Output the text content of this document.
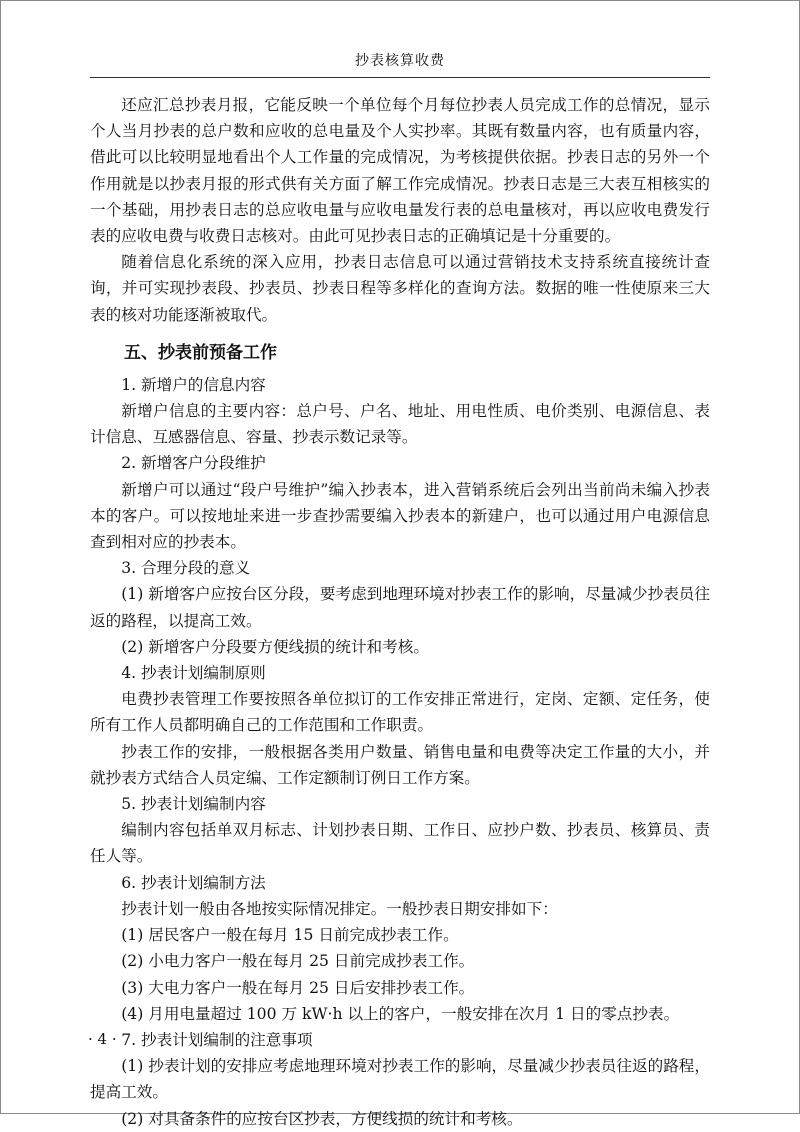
抄表核算收费

还应汇总抄表月报，它能反映一个单位每个月每位抄表人员完成工作的总情况，显示个人当月抄表的总户数和应收的总电量及个人实抄率。其既有数量内容，也有质量内容，借此可以比较明显地看出个人工作量的完成情况，为考核提供依据。抄表日志的另外一个作用就是以抄表月报的形式供有关方面了解工作完成情况。抄表日志是三大表互相核实的一个基础，用抄表日志的总应收电量与应收电量发行表的总电量核对，再以应收电费发行表的应收电费与收费日志核对。由此可见抄表日志的正确填记是十分重要的。

随着信息化系统的深入应用，抄表日志信息可以通过营销技术支持系统直接统计查询，并可实现抄表段、抄表员、抄表日程等多样化的查询方法。数据的唯一性使原来三大表的核对功能逐渐被取代。

五、抄表前预备工作

1. 新增户的信息内容

新增户信息的主要内容：总户号、户名、地址、用电性质、电价类别、电源信息、表计信息、互感器信息、容量、抄表示数记录等。

2. 新增客户分段维护

新增户可以通过“段户号维护”编入抄表本，进入营销系统后会列出当前尚未编入抄表本的客户。可以按地址来进一步查抄需要编入抄表本的新建户，也可以通过用户电源信息查到相对应的抄表本。

3. 合理分段的意义

(1) 新增客户应按台区分段，要考虑到地理环境对抄表工作的影响，尽量减少抄表员往返的路程，以提高工效。

(2) 新增客户分段要方便线损的统计和考核。

4. 抄表计划编制原则

电费抄表管理工作要按照各单位拟订的工作安排正常进行，定岗、定额、定任务，使所有工作人员都明确自己的工作范围和工作职责。

抄表工作的安排，一般根据各类用户数量、销售电量和电费等决定工作量的大小，并就抄表方式结合人员定编、工作定额制订例日工作方案。

5. 抄表计划编制内容

编制内容包括单双月标志、计划抄表日期、工作日、应抄户数、抄表员、核算员、责任人等。

6. 抄表计划编制方法

抄表计划一般由各地按实际情况排定。一般抄表日期安排如下：

(1) 居民客户一般在每月 15 日前完成抄表工作。

(2) 小电力客户一般在每月 25 日前完成抄表工作。

(3) 大电力客户一般在每月 25 日后安排抄表工作。

(4) 月用电量超过 100 万 kW·h 以上的客户，一般安排在次月 1 日的零点抄表。

7. 抄表计划编制的注意事项

(1) 抄表计划的安排应考虑地理环境对抄表工作的影响，尽量减少抄表员往返的路程，提高工效。

(2) 对具备条件的应按台区抄表，方便线损的统计和考核。

· 4 ·
